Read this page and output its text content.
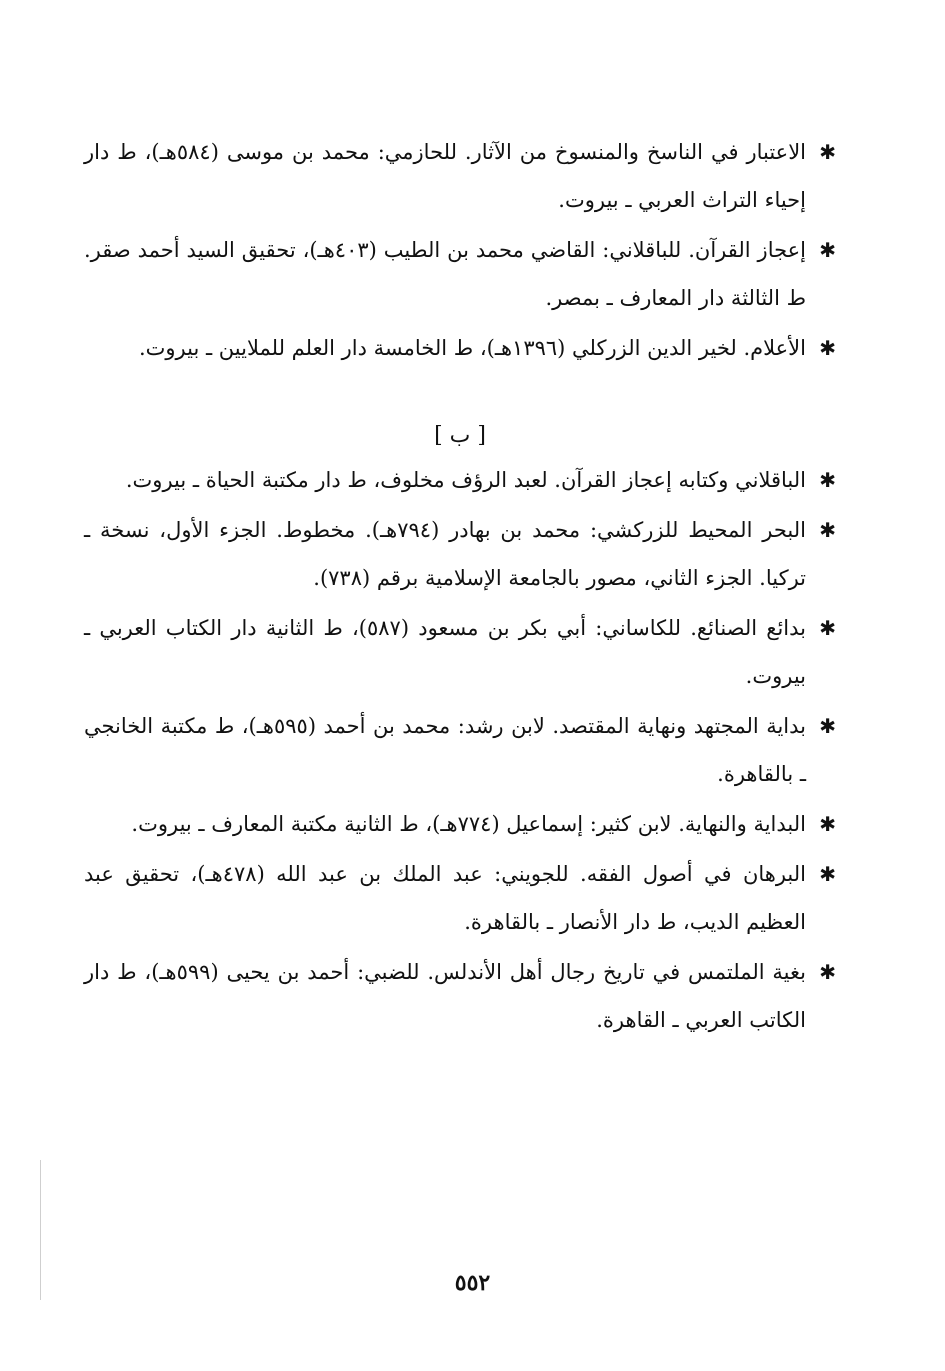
✱
الاعتبار في الناسخ والمنسوخ من الآثار. للحازمي: محمد بن موسى (٥٨٤هـ)، ط دار إحياء التراث العربي ـ بيروت.
✱
إعجاز القرآن. للباقلاني: القاضي محمد بن الطيب (٤٠٣هـ)، تحقيق السيد أحمد صقر. ط الثالثة دار المعارف ـ بمصر.
✱
الأعلام. لخير الدين الزركلي (١٣٩٦هـ)، ط الخامسة دار العلم للملايين ـ بيروت.
[ ب ]
✱
الباقلاني وكتابه إعجاز القرآن. لعبد الرؤف مخلوف، ط دار مكتبة الحياة ـ بيروت.
✱
البحر المحيط للزركشي: محمد بن بهادر (٧٩٤هـ). مخطوط. الجزء الأول، نسخة ـ تركيا. الجزء الثاني، مصور بالجامعة الإسلامية برقم (٧٣٨).
✱
بدائع الصنائع. للكاساني: أبي بكر بن مسعود (٥٨٧)، ط الثانية دار الكتاب العربي ـ بيروت.
✱
بداية المجتهد ونهاية المقتصد. لابن رشد: محمد بن أحمد (٥٩٥هـ)، ط مكتبة الخانجي ـ بالقاهرة.
✱
البداية والنهاية. لابن كثير: إسماعيل (٧٧٤هـ)، ط الثانية مكتبة المعارف ـ بيروت.
✱
البرهان في أصول الفقه. للجويني: عبد الملك بن عبد الله (٤٧٨هـ)، تحقيق عبد العظيم الديب، ط دار الأنصار ـ بالقاهرة.
✱
بغية الملتمس في تاريخ رجال أهل الأندلس. للضبي: أحمد بن يحيى (٥٩٩هـ)، ط دار الكاتب العربي ـ القاهرة.
٥٥٢
